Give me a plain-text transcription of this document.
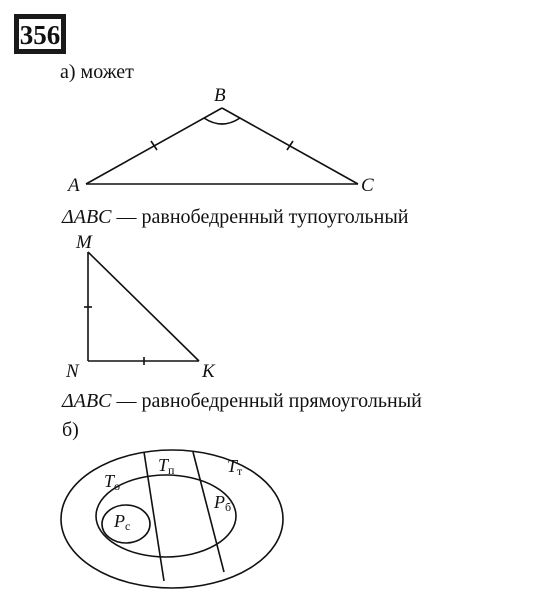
356
а) может
A
B
C
M
N	K
Tп	Tт
Tо
Pс
Pб
ΔABC — равнобедренный тупоугольный
ΔABC — равнобедренный прямоугольный
б)
